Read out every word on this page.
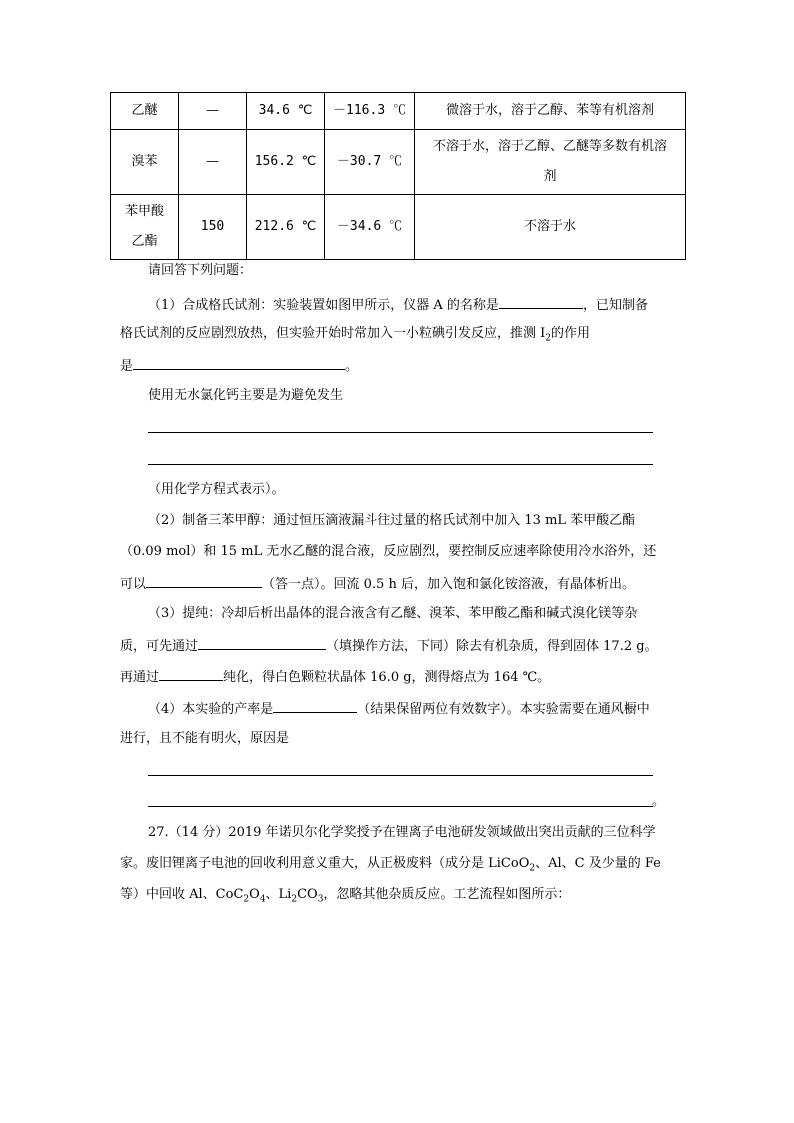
乙醚	—	34.6 ℃	－116.3 ℃	微溶于水，溶于乙醇、苯等有机溶剂
溴苯	—	156.2 ℃	－30.7 ℃	不溶于水，溶于乙醇、乙醚等多数有机溶
剂

苯甲酸
乙酯	150	212.6 ℃	－34.6 ℃	不溶于水
请回答下列问题：
（1）合成格氏试剂：实验装置如图甲所示，仪器 A 的名称是	，已知制备
格氏试剂的反应剧烈放热，但实验开始时常加入一小粒碘引发反应，推测 $I_2$的作用
是	。
使用无水氯化钙主要是为避免发生
（用化学方程式表示）。
（2）制备三苯甲醇：通过恒压滴液漏斗往过量的格氏试剂中加入 13 mL 苯甲酸乙酯
（0.09 mol）和 15 mL 无水乙醚的混合液，反应剧烈，要控制反应速率除使用冷水浴外，还
可以	（答一点）。回流 0.5 h 后，加入饱和氯化铵溶液，有晶体析出。
（3）提纯：冷却后析出晶体的混合液含有乙醚、溴苯、苯甲酸乙酯和碱式溴化镁等杂
质，可先通过	（填操作方法，下同）除去有机杂质，得到固体 17.2 g。
再通过	纯化，得白色颗粒状晶体 16.0 g，测得熔点为 164 ℃。
（4）本实验的产率是	（结果保留两位有效数字）。本实验需要在通风橱中
进行，且不能有明火，原因是
。
27.（14 分）2019 年诺贝尔化学奖授予在锂离子电池研发领域做出突出贡献的三位科学
家。废旧锂离子电池的回收利用意义重大，从正极废料（成分是 LiCoO$_2$、Al、C 及少量的 Fe
等）中回收 Al、$CoC_2O_4$、$Li_2CO_3$，忽略其他杂质反应。工艺流程如图所示：
